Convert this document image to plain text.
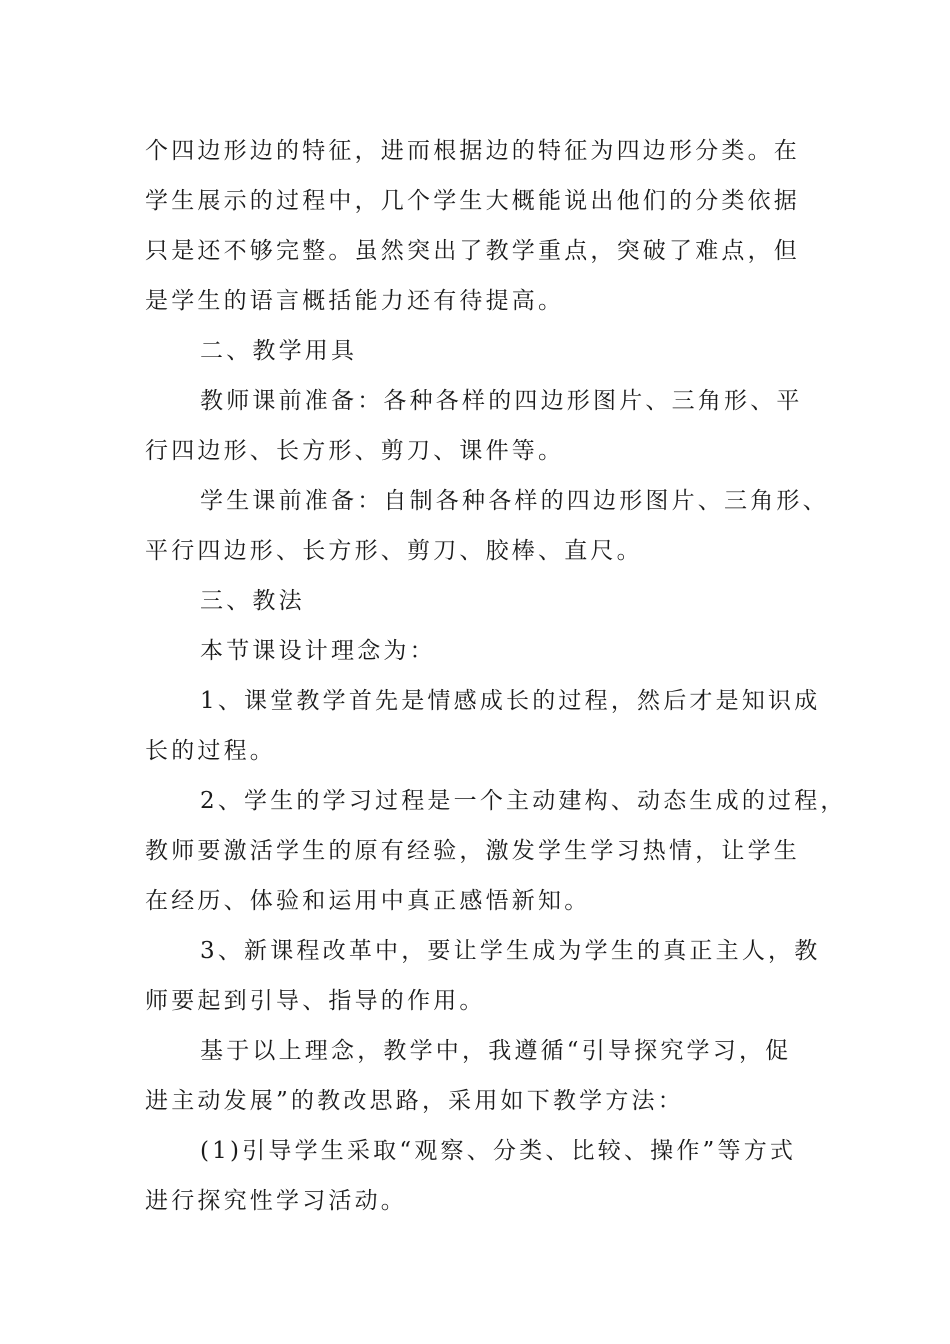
个四边形边的特征，进而根据边的特征为四边形分类。在

学生展示的过程中，几个学生大概能说出他们的分类依据

只是还不够完整。虽然突出了教学重点，突破了难点，但

是学生的语言概括能力还有待提高。

二、教学用具

教师课前准备：各种各样的四边形图片、三角形、平

行四边形、长方形、剪刀、课件等。

学生课前准备：自制各种各样的四边形图片、三角形、

平行四边形、长方形、剪刀、胶棒、直尺。

三、教法

本节课设计理念为：

1、课堂教学首先是情感成长的过程，然后才是知识成

长的过程。

2、学生的学习过程是一个主动建构、动态生成的过程，

教师要激活学生的原有经验，激发学生学习热情，让学生

在经历、体验和运用中真正感悟新知。

3、新课程改革中，要让学生成为学生的真正主人，教

师要起到引导、指导的作用。

基于以上理念，教学中，我遵循“引导探究学习，促

进主动发展”的教改思路，采用如下教学方法：

(1)引导学生采取“观察、分类、比较、操作”等方式

进行探究性学习活动。
